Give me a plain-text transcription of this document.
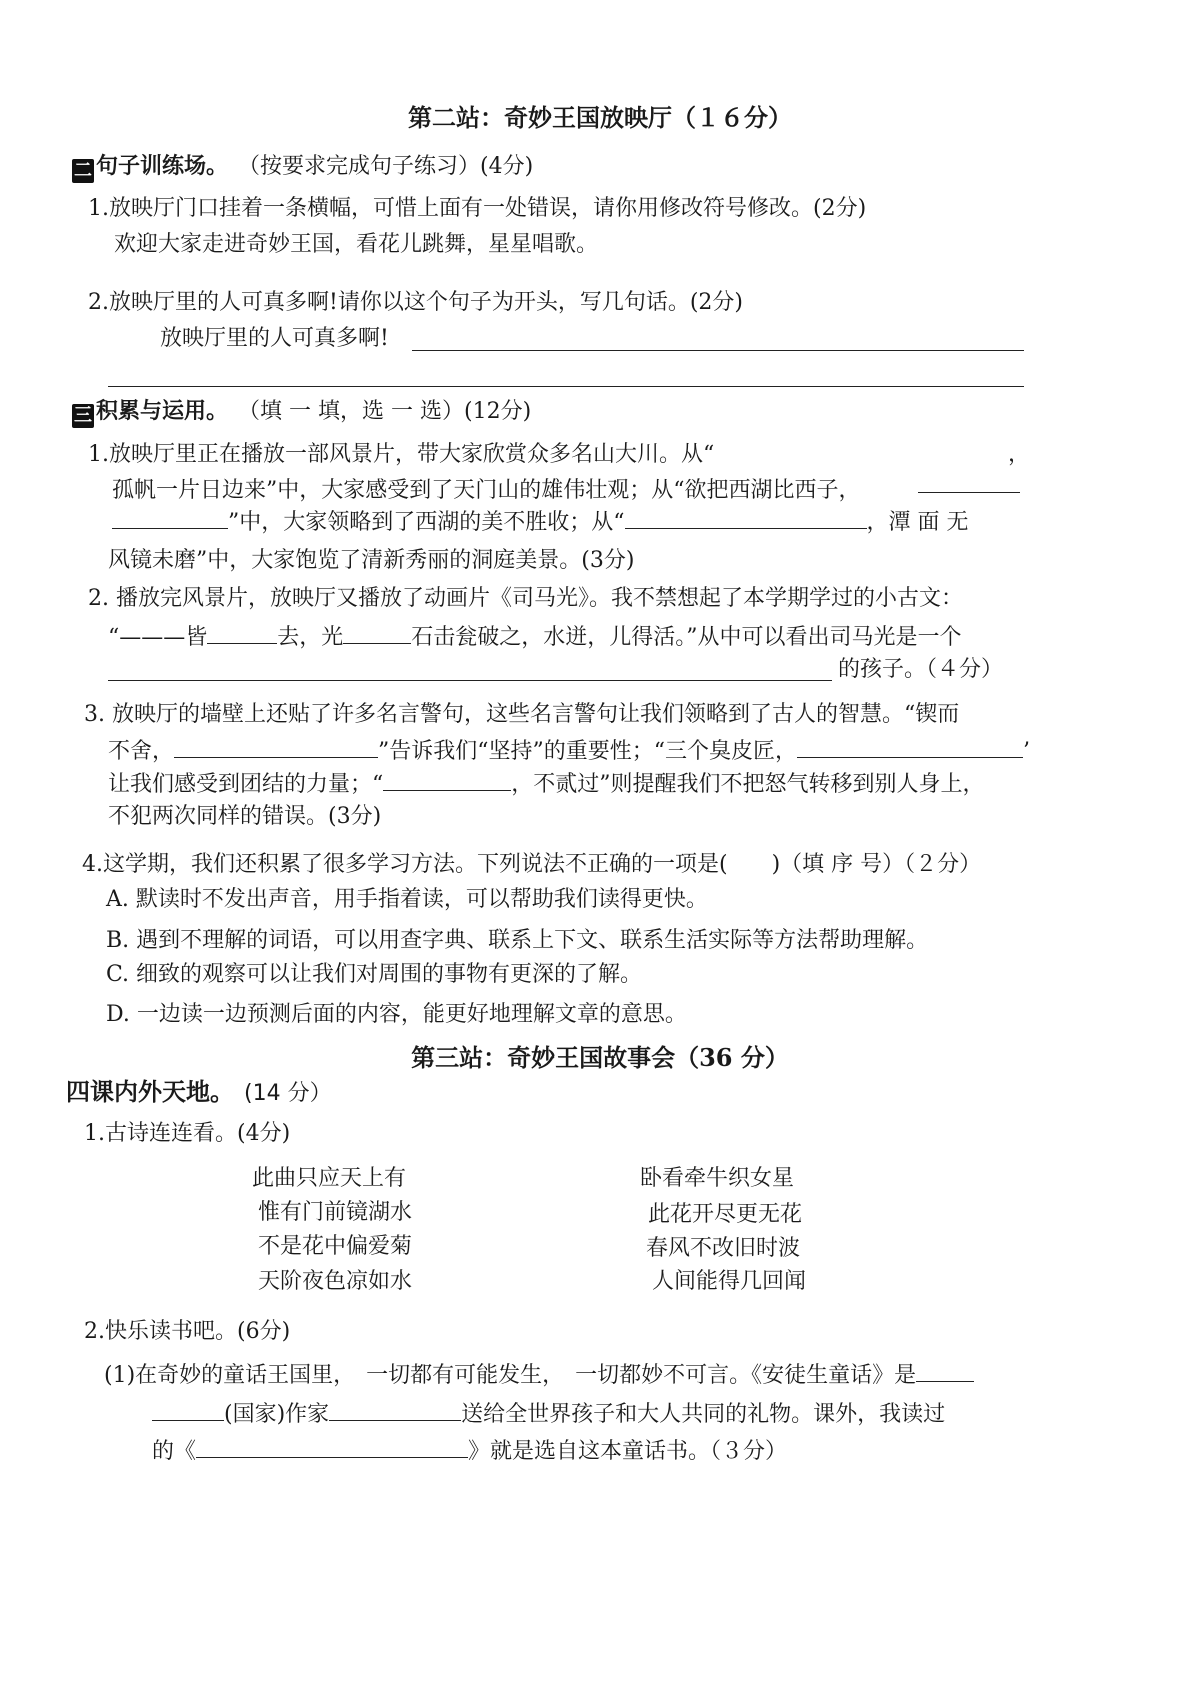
第二站：奇妙王国放映厅（１６分）
二 句子训练场。 （按要求完成句子练习）(4分)
1.放映厅门口挂着一条横幅，可惜上面有一处错误，请你用修改符号修改。(2分)
欢迎大家走进奇妙王国，看花儿跳舞，星星唱歌。
2.放映厅里的人可真多啊!请你以这个句子为开头，写几句话。(2分)
放映厅里的人可真多啊!
三 积累与运用。 （填 一 填，选 一 选）(12分)
1.放映厅里正在播放一部风景片，带大家欣赏众多名山大川。从“	，
孤帆一片日边来”中，大家感受到了天门山的雄伟壮观；从“欲把西湖比西子，
”中，大家领略到了西湖的美不胜收；从“	，潭 面 无
风镜未磨”中，大家饱览了清新秀丽的洞庭美景。(3分)
2. 播放完风景片，放映厅又播放了动画片《司马光》。我不禁想起了本学期学过的小古文：
“———皆	去，光	石击瓮破之，水迸，儿得活。”从中可以看出司马光是一个
的孩子。（４分）
3. 放映厅的墙壁上还贴了许多名言警句，这些名言警句让我们领略到了古人的智慧。“锲而
不舍，	”告诉我们“坚持”的重要性；“三个臭皮匠，	’
让我们感受到团结的力量；“	，不贰过”则提醒我们不把怒气转移到别人身上，
不犯两次同样的错误。(3分)
4.这学期，我们还积累了很多学习方法。下列说法不正确的一项是(　　)（填 序 号）（２分）
A. 默读时不发出声音，用手指着读，可以帮助我们读得更快。
B. 遇到不理解的词语，可以用查字典、联系上下文、联系生活实际等方法帮助理解。
C. 细致的观察可以让我们对周围的事物有更深的了解。
D. 一边读一边预测后面的内容，能更好地理解文章的意思。
第三站：奇妙王国故事会（36 分）
四课内外天地。 (14 分）
1.古诗连连看。(4分)
此曲只应天上有
惟有门前镜湖水
不是花中偏爱菊
天阶夜色凉如水
卧看牵牛织女星
此花开尽更无花
春风不改旧时波
人间能得几回闻
2.快乐读书吧。(6分)
(1)在奇妙的童话王国里，　一切都有可能发生，　一切都妙不可言。《安徒生童话》是
(国家)作家	送给全世界孩子和大人共同的礼物。课外，我读过
的《	》就是选自这本童话书。（３分）
